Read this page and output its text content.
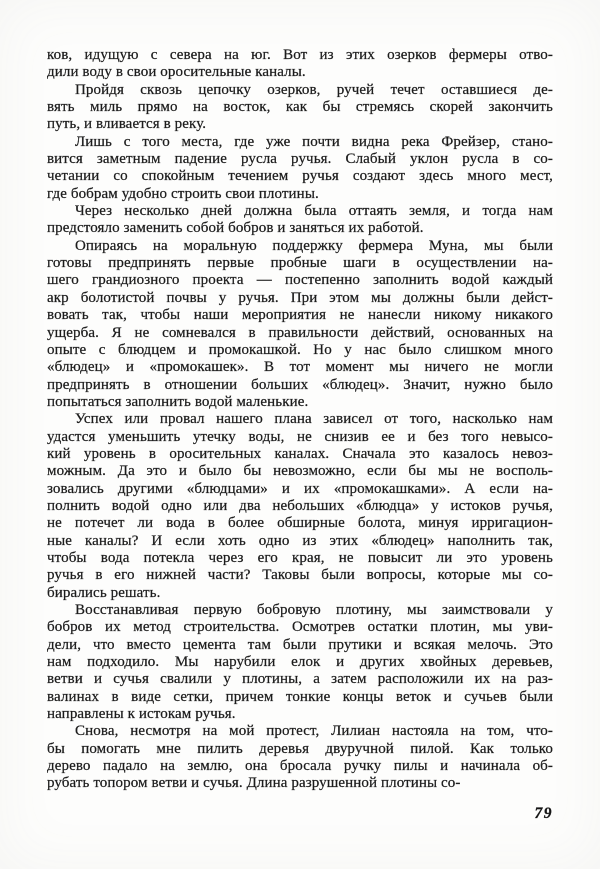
ков, идущую с севера на юг. Вот из этих озерков фермеры отво-
дили воду в свои оросительные каналы.

Пройдя сквозь цепочку озерков, ручей течет оставшиеся де-
вять миль прямо на восток, как бы стремясь скорей закончить
путь, и вливается в реку.

Лишь с того места, где уже почти видна река Фрейзер, стано-
вится заметным падение русла ручья. Слабый уклон русла в со-
четании со спокойным течением ручья создают здесь много мест,
где бобрам удобно строить свои плотины.

Через несколько дней должна была оттаять земля, и тогда нам
предстояло заменить собой бобров и заняться их работой.

Опираясь на моральную поддержку фермера Муна, мы были
готовы предпринять первые пробные шаги в осуществлении на-
шего грандиозного проекта — постепенно заполнить водой каждый
акр болотистой почвы у ручья. При этом мы должны были дейст-
вовать так, чтобы наши мероприятия не нанесли никому никакого
ущерба. Я не сомневался в правильности действий, основанных на
опыте с блюдцем и промокашкой. Но у нас было слишком много
«блюдец» и «промокашек». В тот момент мы ничего не могли
предпринять в отношении больших «блюдец». Значит, нужно было
попытаться заполнить водой маленькие.

Успех или провал нашего плана зависел от того, насколько нам
удастся уменьшить утечку воды, не снизив ее и без того невысо-
кий уровень в оросительных каналах. Сначала это казалось невоз-
можным. Да это и было бы невозможно, если бы мы не восполь-
зовались другими «блюдцами» и их «промокашками». А если на-
полнить водой одно или два небольших «блюдца» у истоков ручья,
не потечет ли вода в более обширные болота, минуя ирригацион-
ные каналы? И если хоть одно из этих «блюдец» наполнить так,
чтобы вода потекла через его края, не повысит ли это уровень
ручья в его нижней части? Таковы были вопросы, которые мы со-
бирались решать.

Восстанавливая первую бобровую плотину, мы заимствовали у
бобров их метод строительства. Осмотрев остатки плотин, мы уви-
дели, что вместо цемента там были прутики и всякая мелочь. Это
нам подходило. Мы нарубили елок и других хвойных деревьев,
ветви и сучья свалили у плотины, а затем расположили их на раз-
валинах в виде сетки, причем тонкие концы веток и сучьев были
направлены к истокам ручья.

Снова, несмотря на мой протест, Лилиан настояла на том, что-
бы помогать мне пилить деревья двуручной пилой. Как только
дерево падало на землю, она бросала ручку пилы и начинала об-
рубать топором ветви и сучья. Длина разрушенной плотины со-

79
